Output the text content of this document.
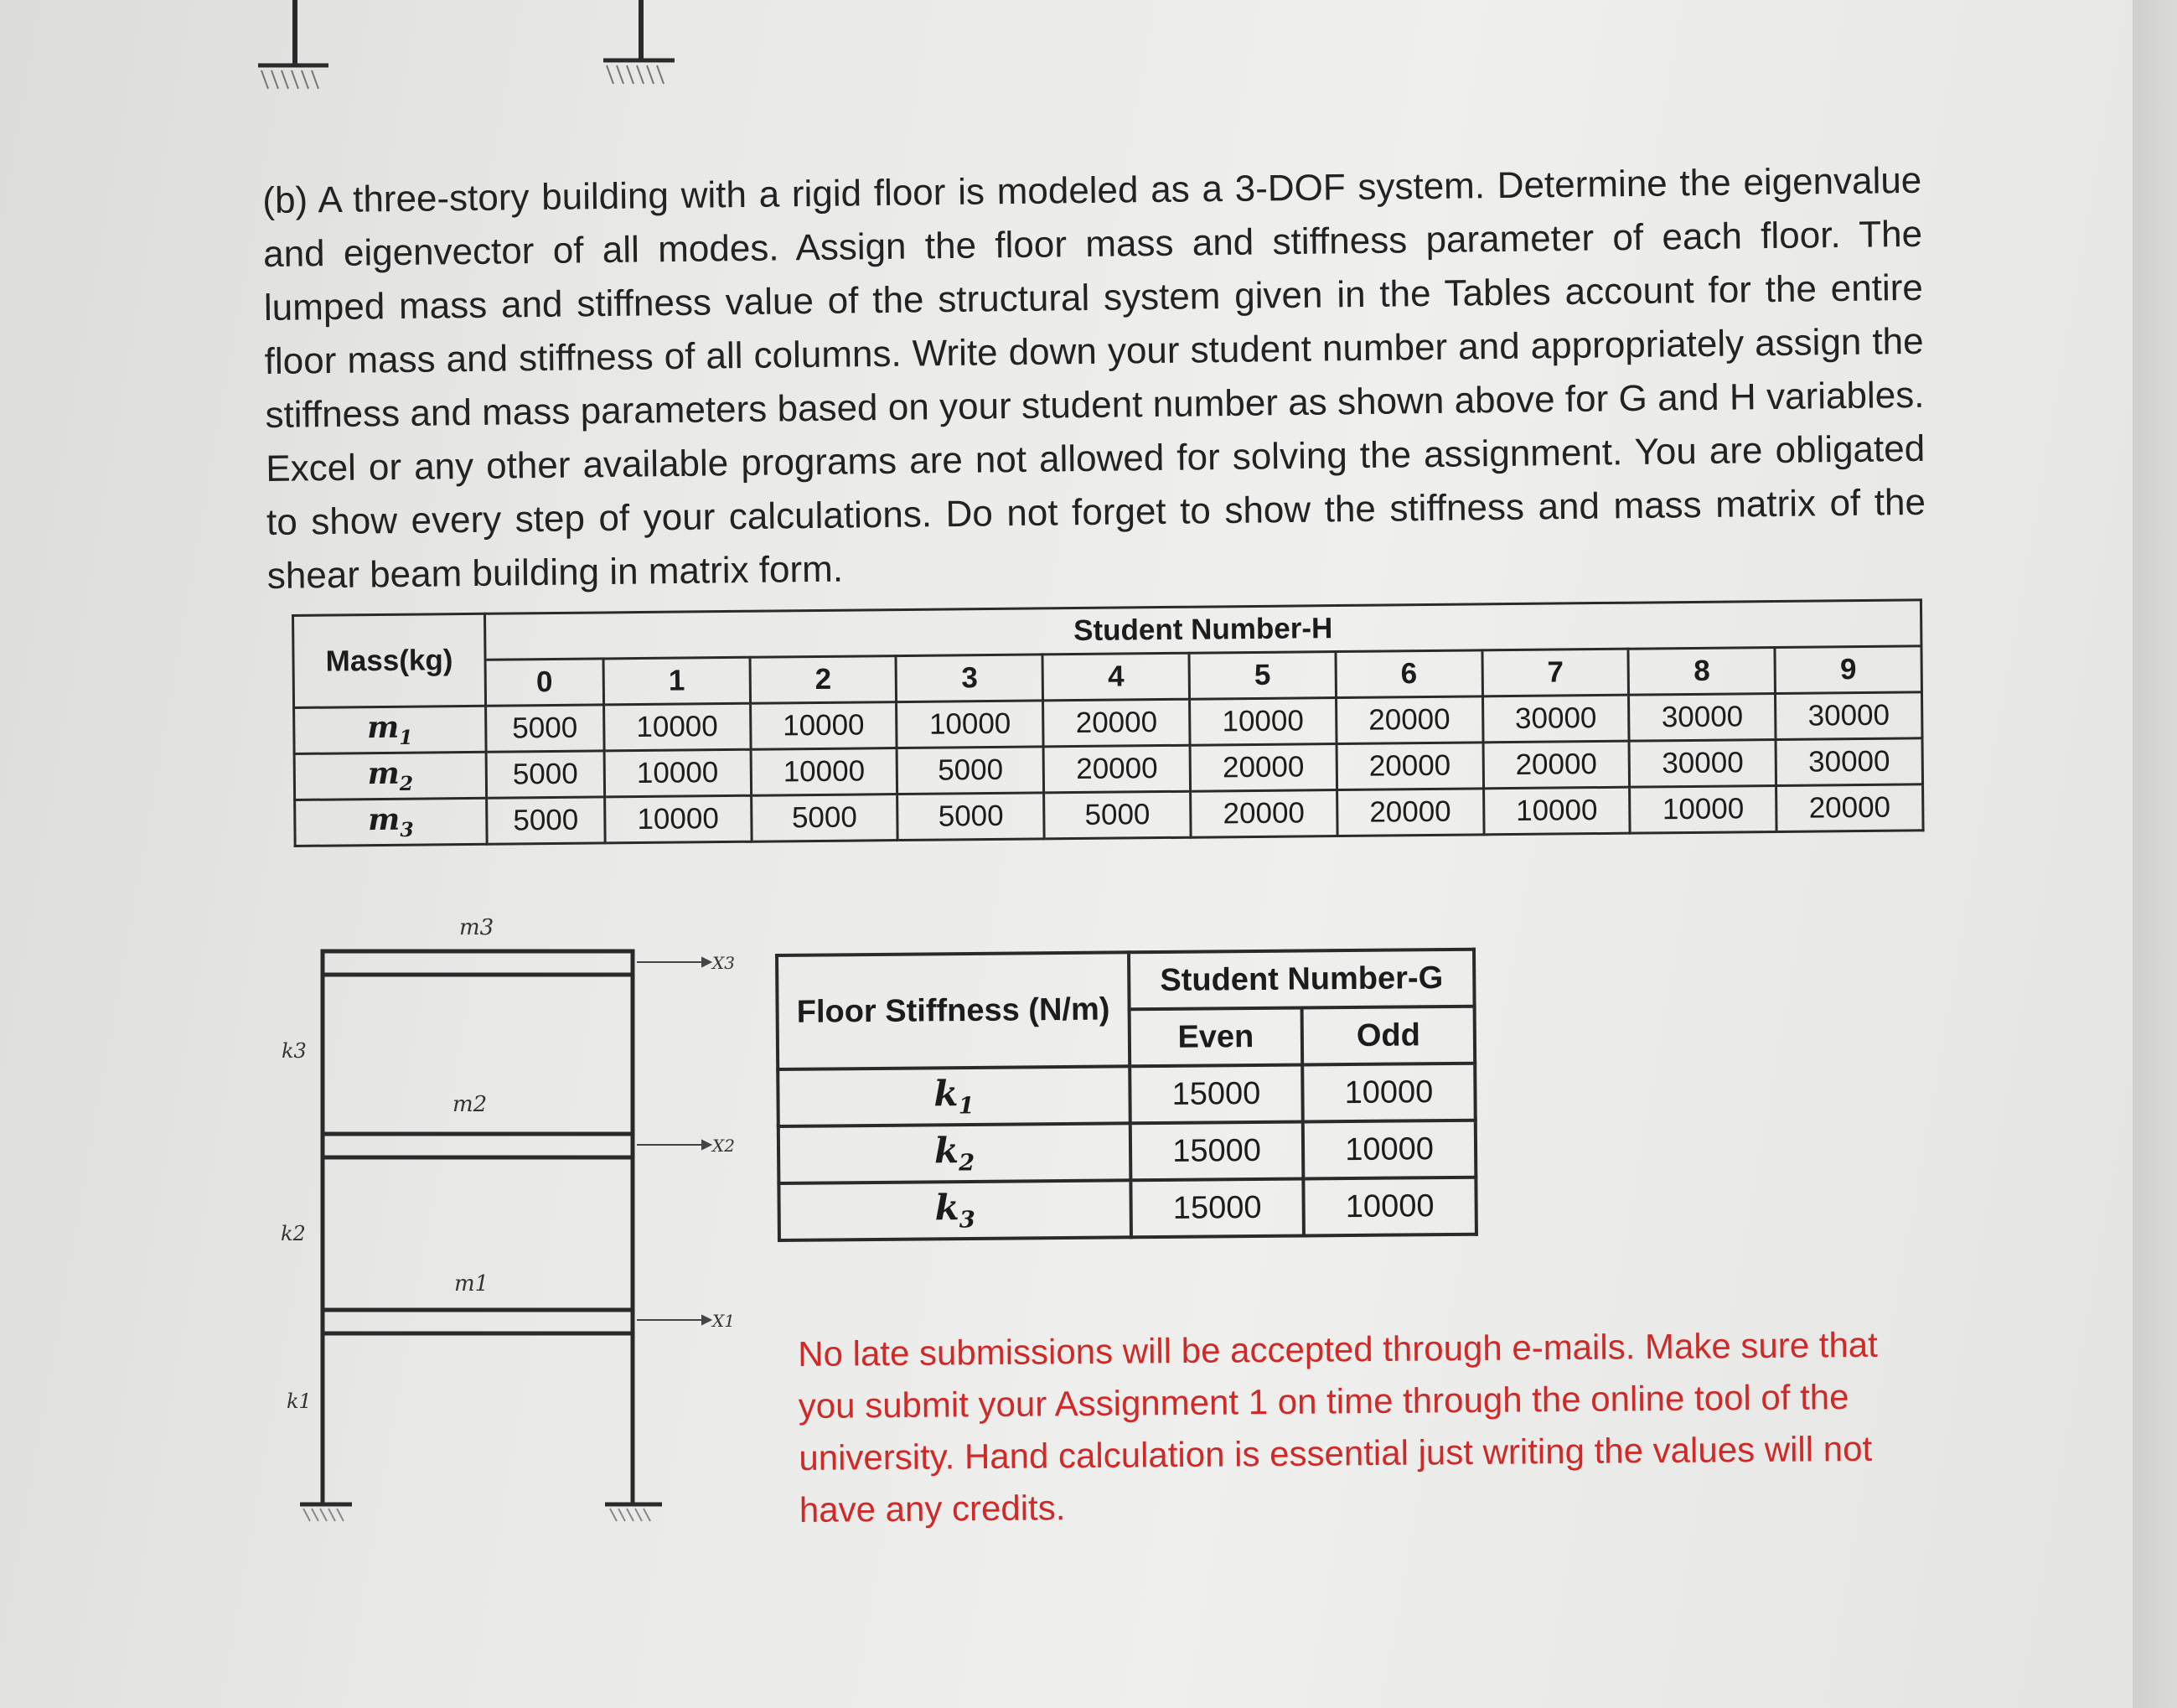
m3
m2
m1
k3
k2
k1
X3
X2
X1

(b) A three-story building with a rigid floor is modeled as a 3-DOF system. Determine the eigenvalue and eigenvector of all modes. Assign the floor mass and stiffness parameter of each floor. The lumped mass and stiffness value of the structural system given in the Tables account for the entire floor mass and stiffness of all columns. Write down your student number and appropriately assign the stiffness and mass parameters based on your student number as shown above for G and H variables. Excel or any other available programs are not allowed for solving the assignment. You are obligated to show every step of your calculations. Do not forget to show the stiffness and mass matrix of the shear beam building in matrix form.

Mass(kg)	Student Number-H									
	0	1	2	3	4	5	6	7	8	9
$m_1$	5000	10000	10000	10000	20000	10000	20000	30000	30000	30000
$m_2$	5000	10000	10000	5000	20000	20000	20000	20000	30000	30000
$m_3$	5000	10000	5000	5000	5000	20000	20000	10000	10000	20000
Floor Stiffness (N/m)	Student Number-G	
	Even	Odd
$k_1$	15000	10000
$k_2$	15000	10000
$k_3$	15000	10000

No late submissions will be accepted through e-mails. Make sure that you submit your Assignment 1 on time through the online tool of the university. Hand calculation is essential just writing the values will not have any credits.
